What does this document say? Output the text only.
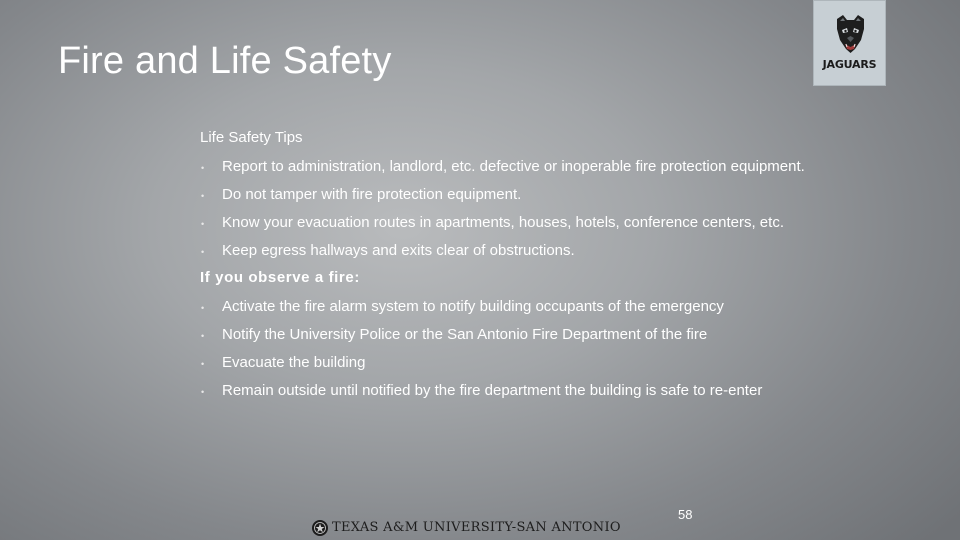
Fire and Life Safety	JAGUARS
Life Safety Tips
• Report to administration, landlord, etc. defective or inoperable fire protection equipment.
• Do not tamper with fire protection equipment.
• Know your evacuation routes in apartments, houses, hotels, conference centers, etc.
• Keep egress hallways and exits clear of obstructions.
If you observe a fire:
• Activate the fire alarm system to notify building occupants of the emergency
• Notify the University Police or the San Antonio Fire Department of the fire
• Evacuate the building
• Remain outside until notified by the fire department the building is safe to re-enter
58
TEXAS A&M UNIVERSITY-SAN ANTONIO
